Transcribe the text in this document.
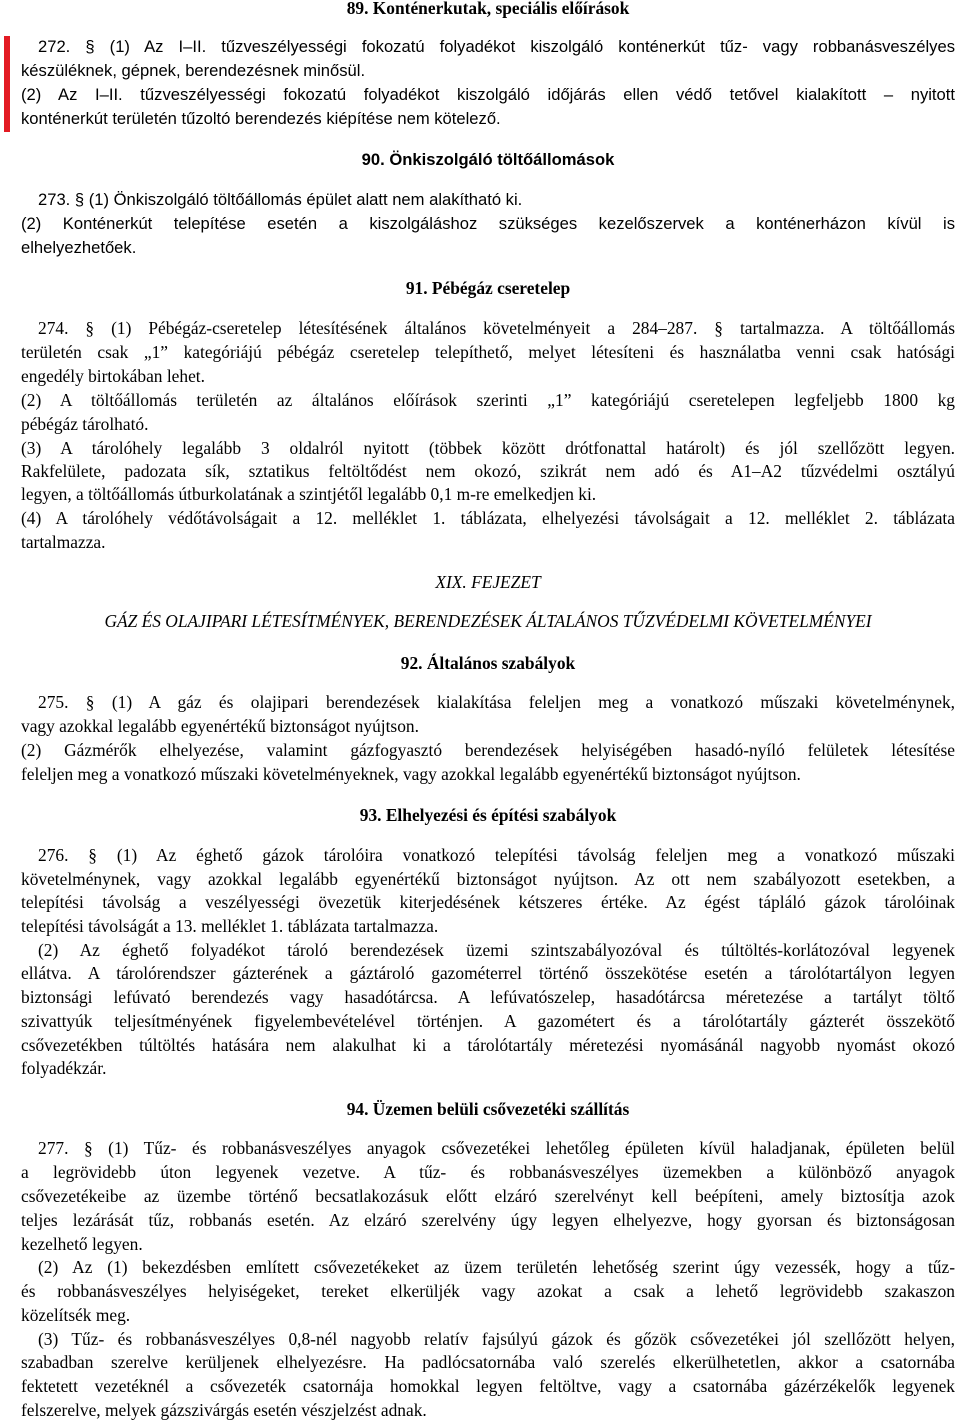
89. Konténerkutak, speciális előírások
272. § (1) Az I–II. tűzveszélyességi fokozatú folyadékot kiszolgáló konténerkút tűz- vagy robbanásveszélyes
készüléknek, gépnek, berendezésnek minősül.
(2) Az I–II. tűzveszélyességi fokozatú folyadékot kiszolgáló időjárás ellen védő tetővel kialakított – nyitott
konténerkút területén tűzoltó berendezés kiépítése nem kötelező.
90. Önkiszolgáló töltőállomások
273. § (1) Önkiszolgáló töltőállomás épület alatt nem alakítható ki.
(2) Konténerkút telepítése esetén a kiszolgáláshoz szükséges kezelőszervek a konténerházon kívül is
elhelyezhetőek.
91. Pébégáz cseretelep
274. § (1) Pébégáz-cseretelep létesítésének általános követelményeit a 284–287. § tartalmazza. A töltőállomás
területén csak „1” kategóriájú pébégáz cseretelep telepíthető, melyet létesíteni és használatba venni csak hatósági
engedély birtokában lehet.
(2) A töltőállomás területén az általános előírások szerinti „1” kategóriájú cseretelepen legfeljebb 1800 kg
pébégáz tárolható.
(3) A tárolóhely legalább 3 oldalról nyitott (többek között drótfonattal határolt) és jól szellőzött legyen.
Rakfelülete, padozata sík, sztatikus feltöltődést nem okozó, szikrát nem adó és A1–A2 tűzvédelmi osztályú
legyen, a töltőállomás útburkolatának a szintjétől legalább 0,1 m-re emelkedjen ki.
(4) A tárolóhely védőtávolságait a 12. melléklet 1. táblázata, elhelyezési távolságait a 12. melléklet 2. táblázata
tartalmazza.
XIX. FEJEZET
GÁZ ÉS OLAJIPARI LÉTESÍTMÉNYEK, BERENDEZÉSEK ÁLTALÁNOS TŰZVÉDELMI KÖVETELMÉNYEI
92. Általános szabályok
275. § (1) A gáz és olajipari berendezések kialakítása feleljen meg a vonatkozó műszaki követelménynek,
vagy azokkal legalább egyenértékű biztonságot nyújtson.
(2) Gázmérők elhelyezése, valamint gázfogyasztó berendezések helyiségében hasadó-nyíló felületek létesítése
feleljen meg a vonatkozó műszaki követelményeknek, vagy azokkal legalább egyenértékű biztonságot nyújtson.
93. Elhelyezési és építési szabályok
276. § (1) Az éghető gázok tárolóira vonatkozó telepítési távolság feleljen meg a vonatkozó műszaki
követelménynek, vagy azokkal legalább egyenértékű biztonságot nyújtson. Az ott nem szabályozott esetekben, a
telepítési távolság a veszélyességi övezetük kiterjedésének kétszeres értéke. Az égést tápláló gázok tárolóinak
telepítési távolságát a 13. melléklet 1. táblázata tartalmazza.
(2) Az éghető folyadékot tároló berendezések üzemi szintszabályozóval és túltöltés-korlátozóval legyenek
ellátva. A tárolórendszer gázterének a gáztároló gazométerrel történő összekötése esetén a tárolótartályon legyen
biztonsági lefúvató berendezés vagy hasadótárcsa. A lefúvatószelep, hasadótárcsa méretezése a tartályt töltő
szivattyúk teljesítményének figyelembevételével történjen. A gazométert és a tárolótartály gázterét összekötő
csővezetékben túltöltés hatására nem alakulhat ki a tárolótartály méretezési nyomásánál nagyobb nyomást okozó
folyadékzár.
94. Üzemen belüli csővezetéki szállítás
277. § (1) Tűz- és robbanásveszélyes anyagok csővezetékei lehetőleg épületen kívül haladjanak, épületen belül
a legrövidebb úton legyenek vezetve. A tűz- és robbanásveszélyes üzemekben a különböző anyagok
csővezetékeibe az üzembe történő becsatlakozásuk előtt elzáró szerelvényt kell beépíteni, amely biztosítja azok
teljes lezárását tűz, robbanás esetén. Az elzáró szerelvény úgy legyen elhelyezve, hogy gyorsan és biztonságosan
kezelhető legyen.
(2) Az (1) bekezdésben említett csővezetékeket az üzem területén lehetőség szerint úgy vezessék, hogy a tűz-
és robbanásveszélyes helyiségeket, tereket elkerüljék vagy azokat a csak a lehető legrövidebb szakaszon
közelítsék meg.
(3) Tűz- és robbanásveszélyes 0,8-nél nagyobb relatív fajsúlyú gázok és gőzök csővezetékei jól szellőzött helyen,
szabadban szerelve kerüljenek elhelyezésre. Ha padlócsatornába való szerelés elkerülhetetlen, akkor a csatornába
fektetett vezetéknél a csővezeték csatornája homokkal legyen feltöltve, vagy a csatornába gázérzékelők legyenek
felszerelve, melyek gázszivárgás esetén vészjelzést adnak.
